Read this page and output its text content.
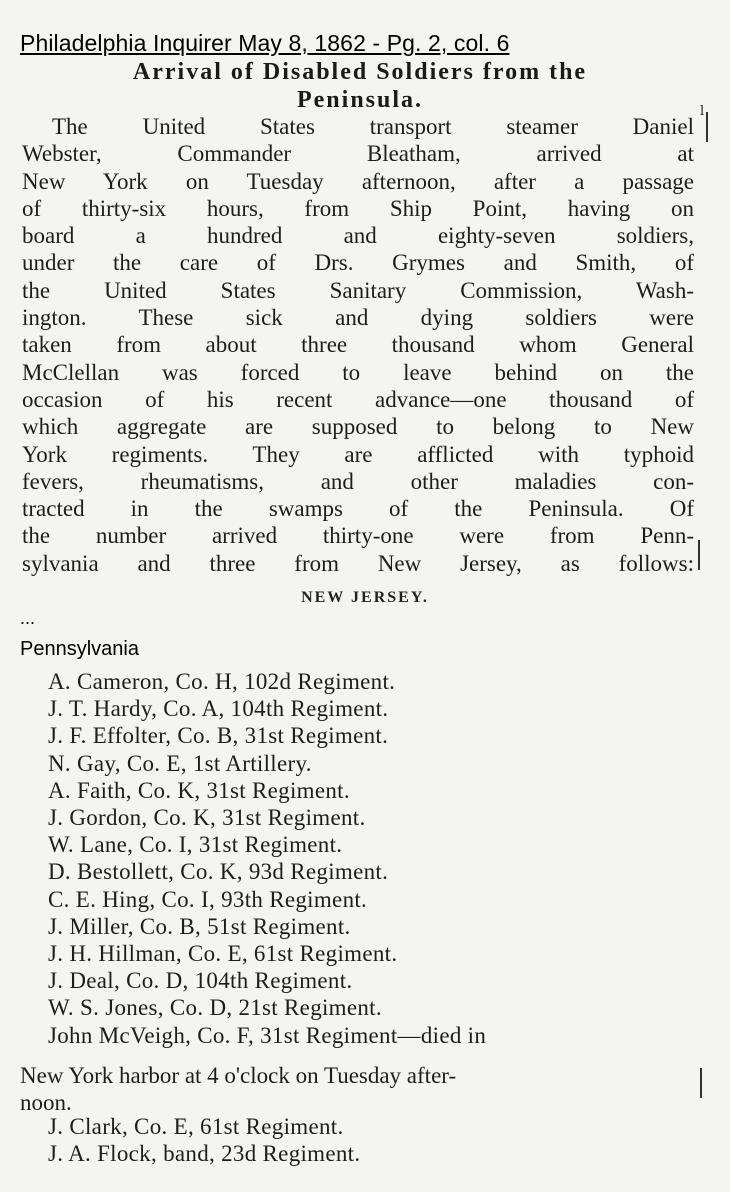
Philadelphia Inquirer May 8, 1862 - Pg. 2, col. 6
Arrival of Disabled Soldiers from the
Peninsula.	l
The United States transport steamer Daniel
Webster, Commander Bleatham, arrived at
New York on Tuesday afternoon, after a passage
of thirty-six hours, from Ship Point, having on
board a hundred and eighty-seven soldiers,
under the care of Drs. Grymes and Smith, of
the United States Sanitary Commission, Wash-
ington. These sick and dying soldiers were
taken from about three thousand whom General
McClellan was forced to leave behind on the
occasion of his recent advance—one thousand of
which aggregate are supposed to belong to New
York regiments. They are afflicted with typhoid
fevers, rheumatisms, and other maladies con-
tracted in the swamps of the Peninsula. Of
the number arrived thirty-one were from Penn-
sylvania and three from New Jersey, as follows:
NEW JERSEY.
...
Pennsylvania
A. Cameron, Co. H, 102d Regiment.
J. T. Hardy, Co. A, 104th Regiment.
J. F. Effolter, Co. B, 31st Regiment.
N. Gay, Co. E, 1st Artillery.
A. Faith, Co. K, 31st Regiment.
J. Gordon, Co. K, 31st Regiment.
W. Lane, Co. I, 31st Regiment.
D. Bestollett, Co. K, 93d Regiment.
C. E. Hing, Co. I, 93th Regiment.
J. Miller, Co. B, 51st Regiment.
J. H. Hillman, Co. E, 61st Regiment.
J. Deal, Co. D, 104th Regiment.
W. S. Jones, Co. D, 21st Regiment.
John McVeigh, Co. F, 31st Regiment—died in
New York harbor at 4 o'clock on Tuesday after-
noon.
J. Clark, Co. E, 61st Regiment.
J. A. Flock, band, 23d Regiment.
